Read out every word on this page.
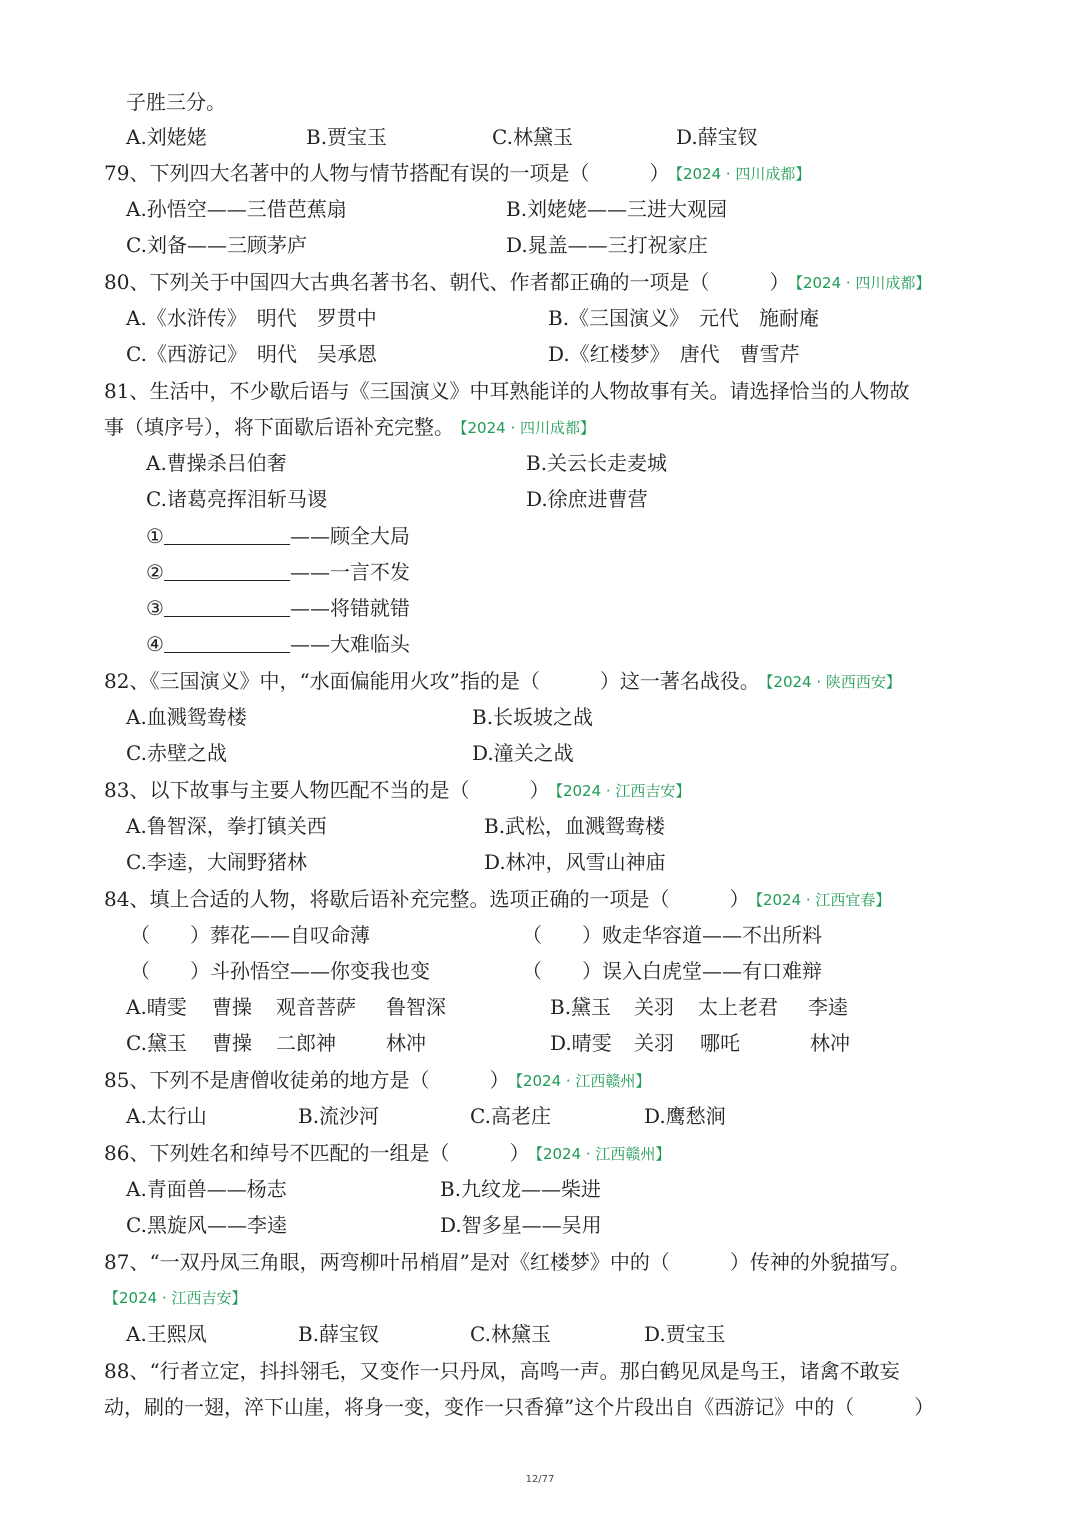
子胜三分。
A.刘姥姥	B.贾宝玉	C.林黛玉	D.薛宝钗
79、下列四大名著中的人物与情节搭配有误的一项是（　　　） 【2024 · 四川成都】
A.孙悟空——三借芭蕉扇	B.刘姥姥——三进大观园
C.刘备——三顾茅庐	D.晁盖——三打祝家庄
80、下列关于中国四大古典名著书名、朝代、作者都正确的一项是（　　　） 【2024 · 四川成都】
A.《水浒传》　明代　罗贯中	B.《三国演义》　元代　施耐庵
C.《西游记》　明代　吴承恩	D.《红楼梦》　唐代　曹雪芹
81、生活中，不少歇后语与《三国演义》中耳熟能详的人物故事有关。请选择恰当的人物故
事（填序号），将下面歇后语补充完整。 【2024 · 四川成都】
A.曹操杀吕伯奢	B.关云长走麦城
C.诸葛亮挥泪斩马谡	D.徐庶进曹营
①	——顾全大局
②	——一言不发
③	——将错就错
④	——大难临头
82、《三国演义》中，“水面偏能用火攻”指的是（　　　）这一著名战役。 【2024 · 陕西西安】
A.血溅鸳鸯楼	B.长坂坡之战
C.赤壁之战	D.潼关之战
83、以下故事与主要人物匹配不当的是（　　　） 【2024 · 江西吉安】
A.鲁智深，拳打镇关西	B.武松，血溅鸳鸯楼
C.李逵，大闹野猪林	D.林冲，风雪山神庙
84、填上合适的人物，将歇后语补充完整。选项正确的一项是（　　　） 【2024 · 江西宜春】
（　　）葬花——自叹命薄	（　　）败走华容道——不出所料
（　　）斗孙悟空——你变我也变	（　　）误入白虎堂——有口难辩
A.晴雯 曹操 观音菩萨 鲁智深	B.黛玉 关羽 太上老君 李逵
C.黛玉 曹操 二郎神	林冲	D.晴雯 关羽 哪吒	林冲
85、下列不是唐僧收徒弟的地方是（　　　） 【2024 · 江西赣州】
A.太行山	B.流沙河	C.高老庄	D.鹰愁涧
86、下列姓名和绰号不匹配的一组是（　　　） 【2024 · 江西赣州】
A.青面兽——杨志	B.九纹龙——柴进
C.黑旋风——李逵	D.智多星——吴用
87、“一双丹凤三角眼，两弯柳叶吊梢眉”是对《红楼梦》中的（　　　）传神的外貌描写。
【2024 · 江西吉安】
A.王熙凤	B.薛宝钗	C.林黛玉	D.贾宝玉
88、“行者立定，抖抖翎毛，又变作一只丹凤，高鸣一声。那白鹤见凤是鸟王，诸禽不敢妄
动，刷的一翅，淬下山崖，将身一变，变作一只香獐”这个片段出自《西游记》中的（　　　）
12/77
